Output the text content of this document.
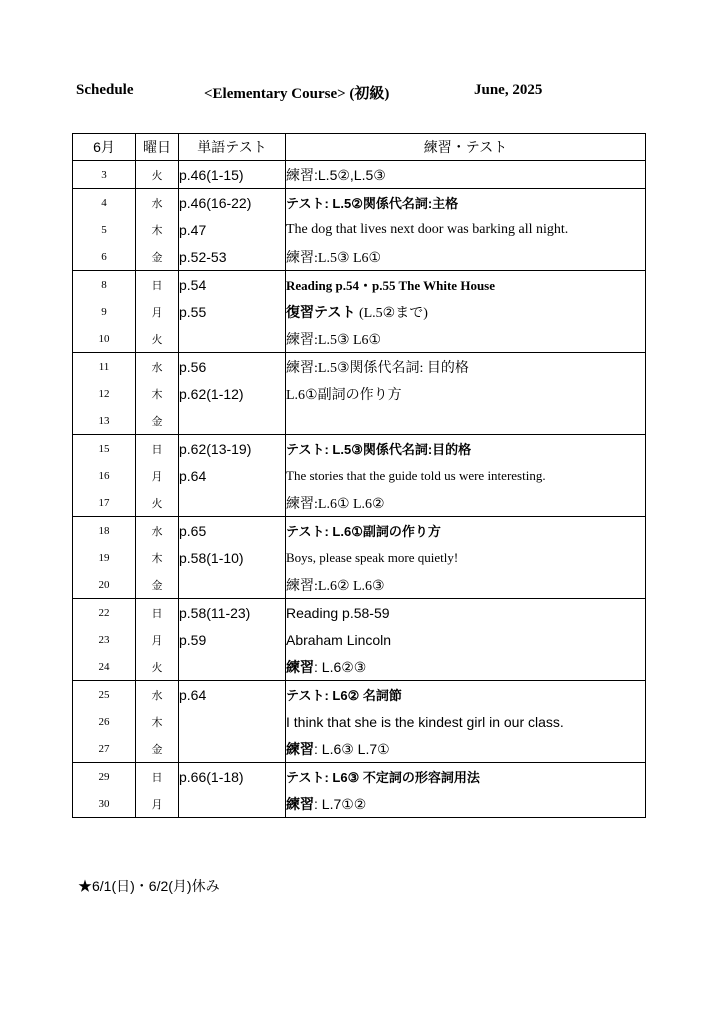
Schedule	<Elementary Course> (初級)	June, 2025
6月	曜日	単語テスト	練習・テスト
3	火	p.46(1-15)	練習:L.5②,L.5③
4	水	p.46(16-22)	テスト: L.5②関係代名詞:主格
5	木	p.47	The dog that lives next door was barking all night.
6	金	p.52-53	練習:L.5③ L6①
8	日	p.54	Reading p.54・p.55 The White House
9	月	p.55	復習テスト (L.5②まで)
10	火		練習:L.5③ L6①
11	水	p.56	練習:L.5③関係代名詞: 目的格
12	木	p.62(1-12)	L.6①副詞の作り方
13	金		
15	日	p.62(13-19)	テスト: L.5③関係代名詞:目的格
16	月	p.64	The stories that the guide told us were interesting.
17	火		練習:L.6① L.6②
18	水	p.65	テスト: L.6①副詞の作り方
19	木	p.58(1-10)	Boys, please speak more quietly!
20	金		練習:L.6② L.6③
22	日	p.58(11-23)	Reading p.58-59
23	月	p.59	Abraham Lincoln
24	火		練習: L.6②③
25	水	p.64	テスト: L6② 名詞節
26	木		I think that she is the kindest girl in our class.
27	金		練習: L.6③ L.7①
29	日	p.66(1-18)	テスト: L6③ 不定詞の形容詞用法
30	月		練習: L.7①②
★6/1(日)・6/2(月)休み
